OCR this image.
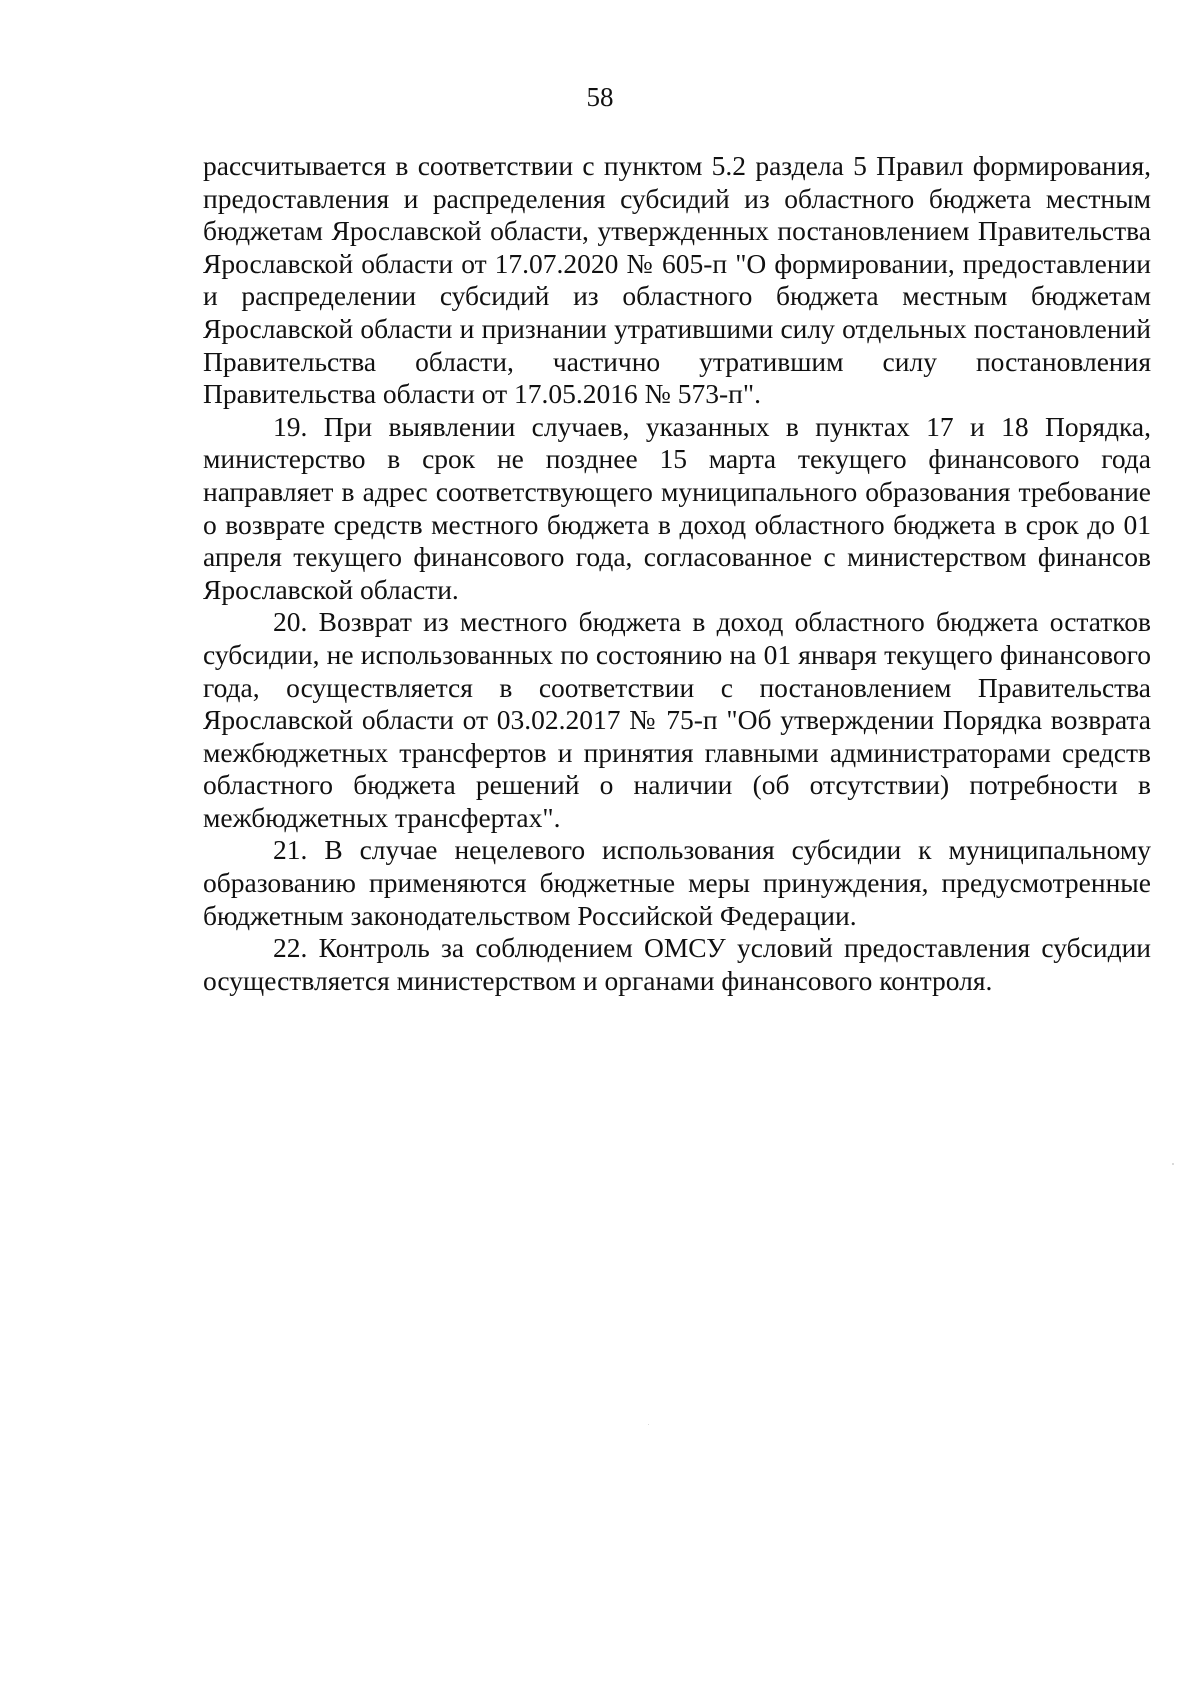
58

рассчитывается в соответствии с пунктом 5.2 раздела 5 Правил формирования, предоставления и распределения субсидий из областного бюджета местным бюджетам Ярославской области, утвержденных постановлением Правительства Ярославской области от 17.07.2020 № 605-п "О формировании, предоставлении и распределении субсидий из областного бюджета местным бюджетам Ярославской области и признании утратившими силу отдельных постановлений Правительства области, частично утратившим силу постановления Правительства области от 17.05.2016 № 573-п".

19. При выявлении случаев, указанных в пунктах 17 и 18 Порядка, министерство в срок не позднее 15 марта текущего финансового года направляет в адрес соответствующего муниципального образования требование о возврате средств местного бюджета в доход областного бюджета в срок до 01 апреля текущего финансового года, согласованное с министерством финансов Ярославской области.

20. Возврат из местного бюджета в доход областного бюджета остатков субсидии, не использованных по состоянию на 01 января текущего финансового года, осуществляется в соответствии с постановлением Правительства Ярославской области от 03.02.2017 № 75-п "Об утверждении Порядка возврата межбюджетных трансфертов и принятия главными администраторами средств областного бюджета решений о наличии (об отсутствии) потребности в межбюджетных трансфертах".

21. В случае нецелевого использования субсидии к муниципальному образованию применяются бюджетные меры принуждения, предусмотренные бюджетным законодательством Российской Федерации.

22. Контроль за соблюдением ОМСУ условий предоставления субсидии осуществляется министерством и органами финансового контроля.
